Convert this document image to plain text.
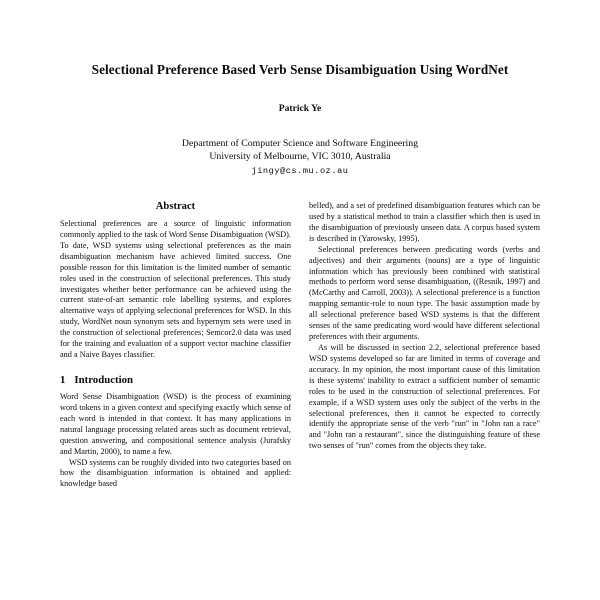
Selectional Preference Based Verb Sense Disambiguation Using WordNet
Patrick Ye
Department of Computer Science and Software Engineering
University of Melbourne, VIC 3010, Australia
jingy@cs.mu.oz.au
Abstract

Selectional preferences are a source of linguistic information commonly applied to the task of Word Sense Disambiguation (WSD). To date, WSD systems using selectional preferences as the main disambiguation mechanism have achieved limited success. One possible reason for this limitation is the limited number of semantic roles used in the construction of selectional preferences. This study investigates whether better performance can be achieved using the current state-of-art semantic role labelling systems, and explores alternative ways of applying selectional preferences for WSD. In this study, WordNet noun synonym sets and hypernym sets were used in the construction of selectional preferences; Semcor2.0 data was used for the training and evaluation of a support vector machine classifier and a Naive Bayes classifier.

1 Introduction

Word Sense Disambiguation (WSD) is the process of examining word tokens in a given context and specifying exactly which sense of each word is intended in that context. It has many applications in natural language processing related areas such as document retrieval, question answering, and compositional sentence analysis (Jurafsky and Martin, 2000), to name a few.

WSD systems can be roughly divided into two categories based on how the disambiguation information is obtained and applied: knowledge based

belled), and a set of predefined disambiguation features which can be used by a statistical method to train a classifier which then is used in the disambiguation of previously unseen data. A corpus based system is described in (Yarowsky, 1995).

Selectional preferences between predicating words (verbs and adjectives) and their arguments (nouns) are a type of linguistic information which has previously been combined with statistical methods to perform word sense disambiguation, ((Resnik, 1997) and (McCarthy and Carroll, 2003)). A selectional preference is a function mapping semantic-role to noun type. The basic assumption made by all selectional preference based WSD systems is that the different senses of the same predicating word would have different selectional preferences with their arguments.

As will be discussed in section 2.2, selectional preference based WSD systems developed so far are limited in terms of coverage and accuracy. In my opinion, the most important cause of this limitation is these systems' inability to extract a sufficient number of semantic roles to be used in the construction of selectional preferences. For example, if a WSD system uses only the subject of the verbs in the selectional preferences, then it cannot be expected to correctly identify the appropriate sense of the verb "run" in "John ran a race" and "John ran a restaurant", since the distinguishing feature of these two senses of "run" comes from the objects they take.
